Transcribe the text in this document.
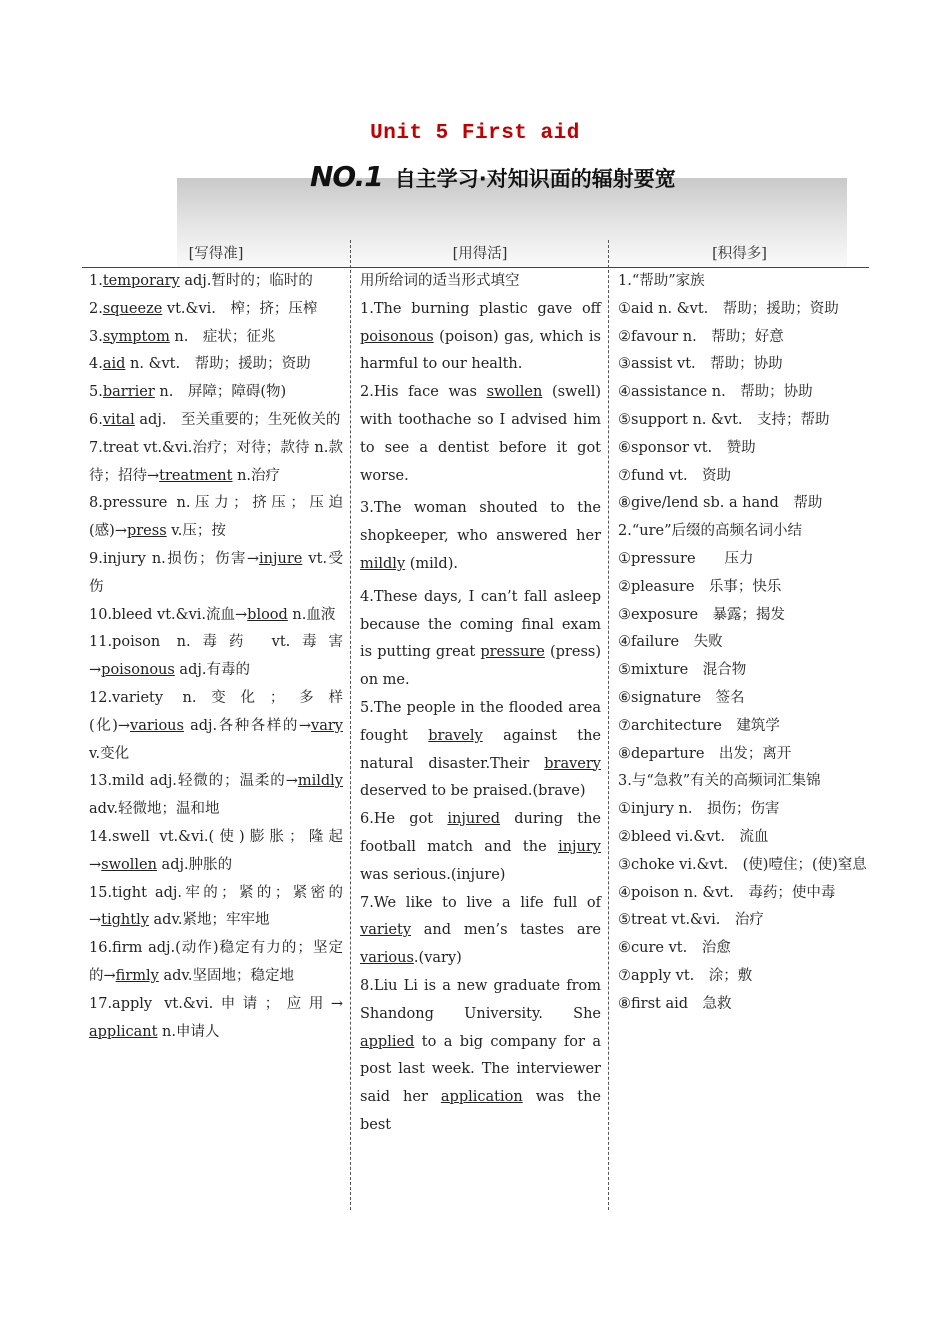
Unit 5 First aid
NO.1 自主学习·对知识面的辐射要宽
[写得准]	[用得活]	[积得多]

1.temporary adj.暂时的；临时的

2.squeeze vt.&vi.　榨；挤；压榨

3.symptom n.　症状；征兆

4.aid n. &vt.　帮助；援助；资助

5.barrier n.　屏障；障碍(物)

6.vital adj.　至关重要的；生死攸关的

7.treat vt.&vi.治疗；对待；款待 n.款待；招待→treatment n.治疗

8.pressure n.压力；挤压；压迫(感)→press v.压；按

9.injury n.损伤；伤害→injure vt.受伤

10.bleed vt.&vi.流血→blood n.血液

11.poison n.毒药 vt.毒害→poisonous adj.有毒的

12.variety n.变化；多样(化)→various adj.各种各样的→vary v.变化

13.mild adj.轻微的；温柔的→mildly adv.轻微地；温和地

14.swell vt.&vi.(使)膨胀；隆起→swollen adj.肿胀的

15.tight adj.牢的；紧的；紧密的→tightly adv.紧地；牢牢地

16.firm adj.(动作)稳定有力的；坚定的→firmly adv.坚固地；稳定地

17.apply vt.&vi.申请；应用→ applicant n.申请人

用所给词的适当形式填空

1.The burning plastic gave off poisonous (poison) gas, which is harmful to our health.

2.His face was swollen (swell) with toothache so I advised him to see a dentist before it got worse.

3.The woman shouted to the shopkeeper, who answered her mildly (mild).

4.These days, I can’t fall asleep because the coming final exam is putting great pressure (press) on me.

5.The people in the flooded area fought bravely against the natural disaster.Their bravery deserved to be praised.(brave)

6.He got injured during the football match and the injury was serious.(injure)

7.We like to live a life full of variety and men’s tastes are various.(vary)

8.Liu Li is a new graduate from Shandong University. She applied to a big company for a post last week. The interviewer said her application was the best

1.“帮助”家族

①aid n. &vt.　帮助；援助；资助

②favour n.　帮助；好意

③assist vt.　帮助；协助

④assistance n.　帮助；协助

⑤support n. &vt.　支持；帮助

⑥sponsor vt.　赞助

⑦fund vt.　资助

⑧give/lend sb. a hand　帮助

2.“ure”后缀的高频名词小结

①pressure　　压力

②pleasure　乐事；快乐

③exposure　暴露；揭发

④failure　失败

⑤mixture　混合物

⑥signature　签名

⑦architecture　建筑学

⑧departure　出发；离开

3.与“急救”有关的高频词汇集锦

①injury n.　损伤；伤害

②bleed vi.&vt.　流血

③choke vi.&vt.　(使)噎住；(使)窒息

④poison n. &vt.　毒药；使中毒

⑤treat vt.&vi.　治疗

⑥cure vt.　治愈

⑦apply vt.　涂；敷

⑧first aid　急救
